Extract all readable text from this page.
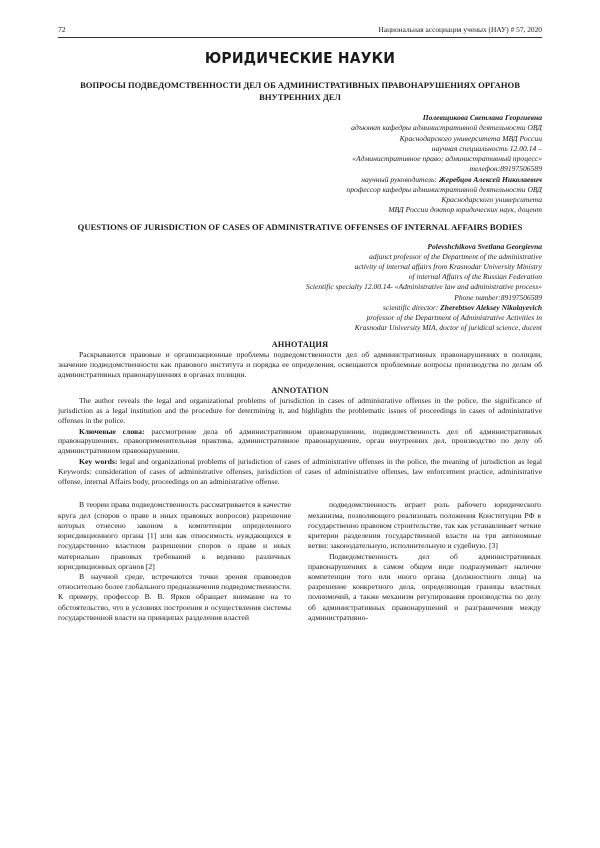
72	Национальная ассоциация ученых (НАУ) # 57, 2020
ЮРИДИЧЕСКИЕ НАУКИ
ВОПРОСЫ ПОДВЕДОМСТВЕННОСТИ ДЕЛ ОБ АДМИНИСТРАТИВНЫХ ПРАВОНАРУШЕНИЯХ ОРГАНОВ ВНУТРЕННИХ ДЕЛ
Полевщикова Светлана Георгиевна
адъюнкт кафедры административной деятельности ОВД
Краснодарского университета МВД России
научная специальность 12.00.14 –
«Административное право; административный процесс»
телефон:89197506589
научный руководитель: Жеребцов Алексей Николаевич
профессор кафедры административной деятельности ОВД
Краснодарского университета
МВД России доктор юридических наук, доцент
QUESTIONS OF JURISDICTION OF CASES OF ADMINISTRATIVE OFFENSES OF INTERNAL AFFAIRS BODIES
Polevshchikova Svetlana Georgievna
adjunct professor of the Department of the administrative
activity of internal affairs from Krasnodar University Ministry
of internal Affairs of the Russian Federation
Scientific specialty 12.00.14- «Administrative law and administrative process»
Phone number:89197506589
scientific director: Zherebtsov Aleksey Nikolayevich
professor of the Department of Administrative Activities in
Krasnodar University MIA, doctor of juridical science, docent
АННОТАЦИЯ

Раскрываются правовые и организационные проблемы подведомственности дел об административных правонарушениях в полиции, значение подведомственности как правового института и порядка ее определения, освещаются проблемные вопросы производства по делам об административных правонарушениях в органах полиции.

ANNOTATION

The author reveals the legal and organizational problems of jurisdiction in cases of administrative offenses in the police, the significance of jurisdiction as a legal institution and the procedure for determining it, and highlights the problematic issues of proceedings in cases of administrative offenses in the police.

Ключевые слова: рассмотрение дела об административном правонарушении, подведомственность дел об административных правонарушениях, правоприменительная практика, административное правонарушение, орган внутренних дел, производство по делу об административном правонарушении.

Key words: legal and organizational problems of jurisdiction of cases of administrative offenses in the police, the meaning of jurisdiction as legal Keywords: consideration of cases of administrative offenses, jurisdiction of cases of administrative offenses, law enforcement practice, administrative offense, internal Affairs body, proceedings on an administrative offense.

В теории права подведомственность рассматривается в качестве круга дел (споров о праве и иных правовых вопросов) разрешение которых отнесено законом к компетенции определенного юрисдикционного органа [1] или как относимость нуждающихся в государственно властном разрешении споров о праве и иных материально правовых требований к ведению различных юрисдикционных органов [2]

В научной среде, встречаются точки зрения правоведов относительно более глобального предназначения подведомственности. К примеру, профессор В. В. Ярков обращает внимание на то обстоятельство, что в условиях построения и осуществления системы государственной власти на принципах разделения властей

подведомственность играет роль рабочего юридического механизма, позволяющего реализовать положения Конституции РФ в государственно правовом строительстве, так как устанавливает четкие критерии разделения государственной власти на три автономные ветви: законодательную, исполнительную и судебную. [3]

Подведомственность дел об административных правонарушениях в самом общем виде подразумевает наличие компетенции того или иного органа (должностного лица) на разрешение конкретного дела, определяющая границы властных полномочий, а также механизм регулирования производства по делу об административных правонарушений и разграничения между административно-
